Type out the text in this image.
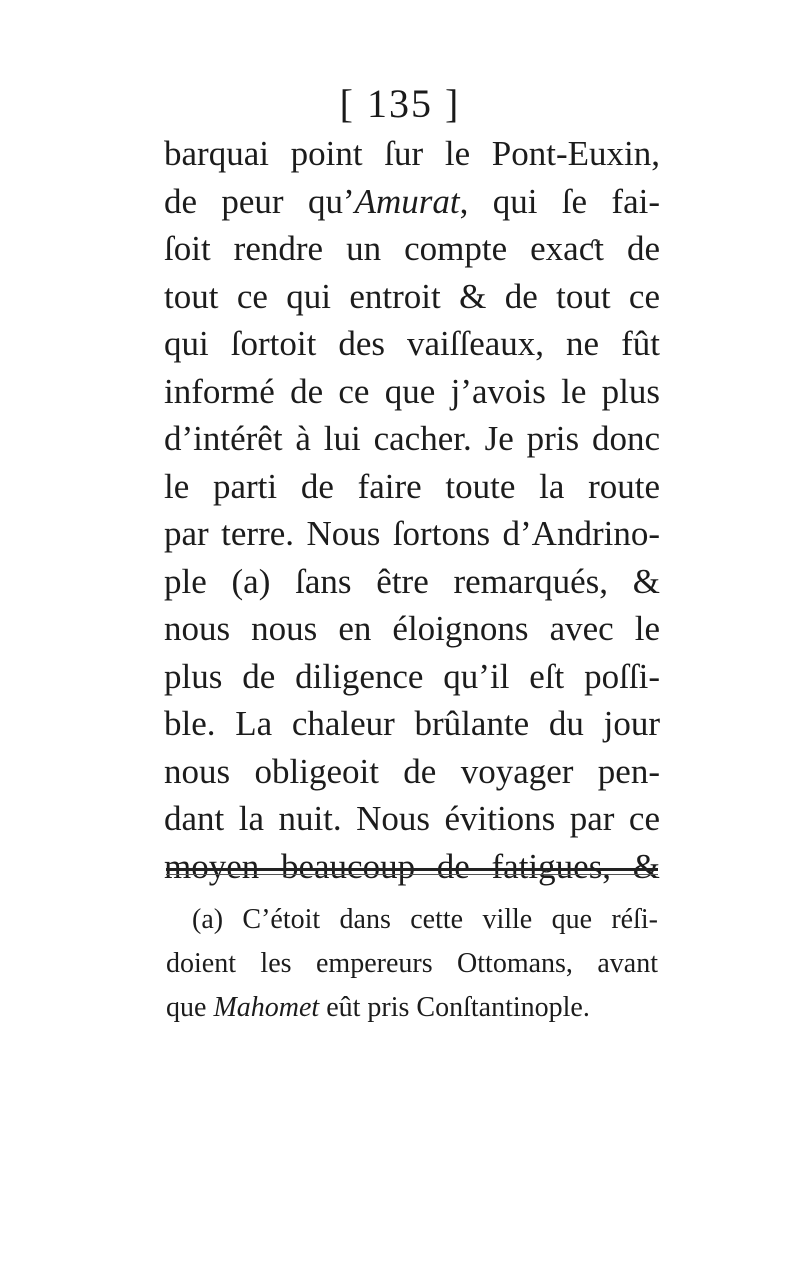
[ 135 ]
barquai point ſur le Pont-Euxin,
de peur qu’Amurat, qui ſe fai-
ſoit rendre un compte exaƈt de
tout ce qui entroit & de tout ce
qui ſortoit des vaiſſeaux, ne fût
informé de ce que j’avois le plus
d’intérêt à lui cacher. Je pris donc
le parti de faire toute la route
par terre. Nous ſortons d’Andrino-
ple (a) ſans être remarqués, &
nous nous en éloignons avec le
plus de diligence qu’il eſt poſſi-
ble. La chaleur brûlante du jour
nous obligeoit de voyager pen-
dant la nuit. Nous évitions par ce
moyen beaucoup de fatigues, &
(a) C’étoit dans cette ville que réſi-
doient les empereurs Ottomans, avant
que Mahomet eût pris Conſtantinople.
